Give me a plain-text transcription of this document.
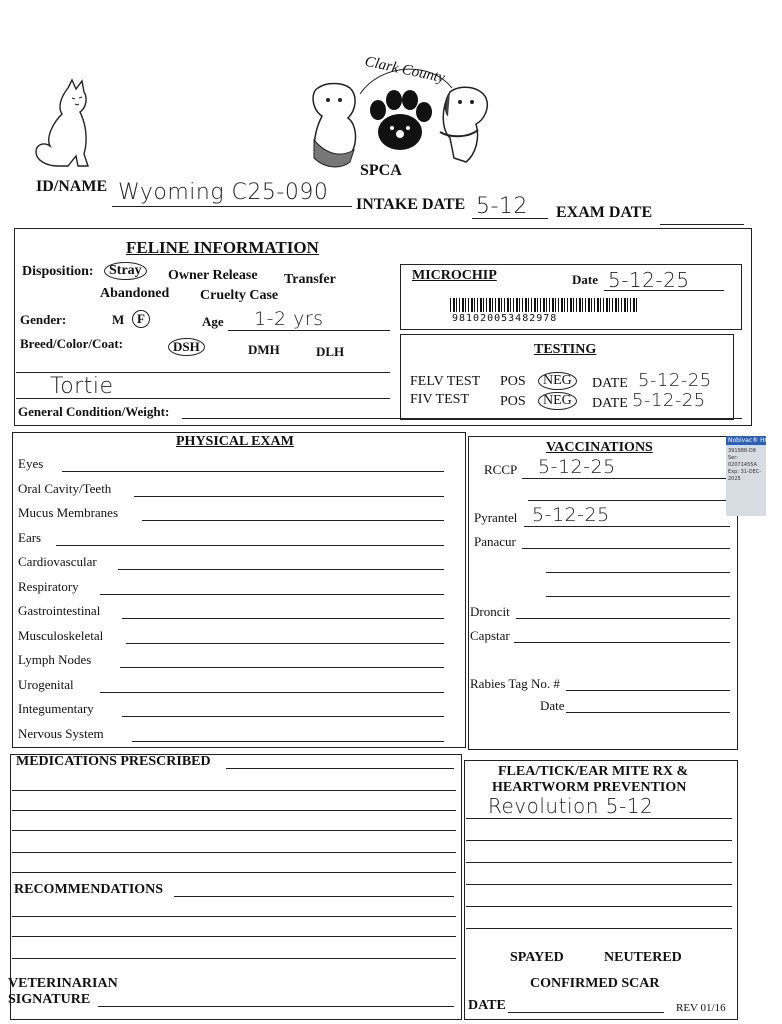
Clark County
SPCA
ID/NAME Wyoming C25-090 INTAKE DATE 5-12 EXAM DATE
FELINE INFORMATION
Disposition:	Stray	Owner Release Transfer
Abandoned Cruelty Case
Gender:	M F	Age 1-2 yrs
Breed/Color/Coat:	DSH	DMH	DLH
Tortie
General Condition/Weight:
MICROCHIP	Date 5-12-25
981020053482978
TESTING
FELV TEST POS	NEG	DATE 5-12-25
FIV TEST POS	NEG	DATE 5-12-25
PHYSICAL EXAM
Eyes
Oral Cavity/Teeth
Mucus Membranes
Ears
Cardiovascular
Respiratory
Gastrointestinal
Musculoskeletal
Lymph Nodes
Urogenital
Integumentary
Nervous System
VACCINATIONS
RCCP 5-12-25
Pyrantel 5-12-25
Panacur
Droncit
Capstar
Rabies Tag No. #
Date
Nobivac® HCPCh
391988-D8
Ser: 02071455A
Exp: 31-DEC-2025
MEDICATIONS PRESCRIBED
RECOMMENDATIONS
VETERINARIAN
SIGNATURE
FLEA/TICK/EAR MITE RX &
HEARTWORM PREVENTION
Revolution 5-12
SPAYED	NEUTERED
CONFIRMED SCAR
DATE	REV 01/16
